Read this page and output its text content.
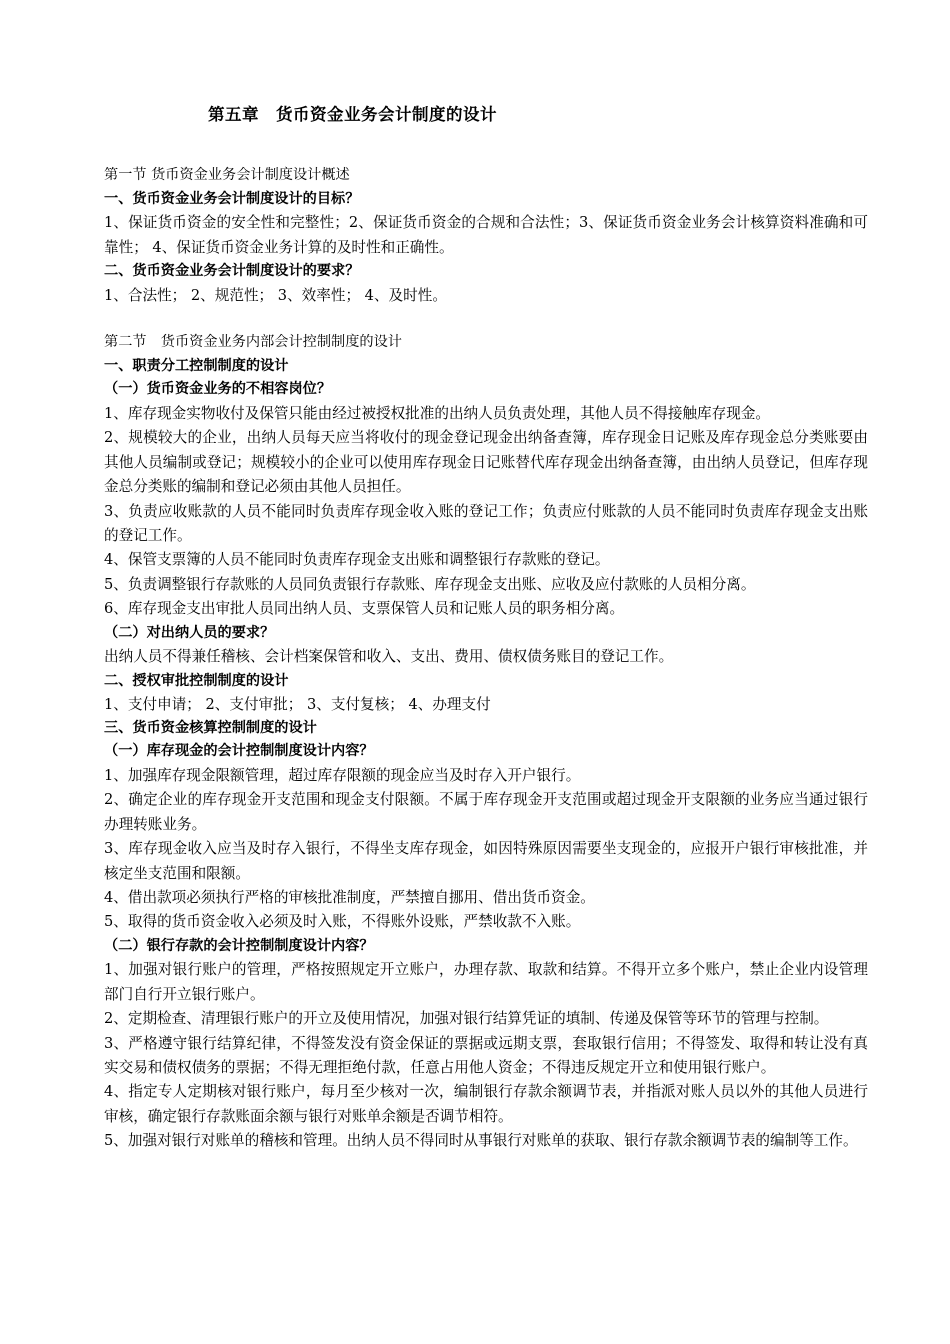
第五章　货币资金业务会计制度的设计

第一节 货币资金业务会计制度设计概述

一、货币资金业务会计制度设计的目标？

1、保证货币资金的安全性和完整性；2、保证货币资金的合规和合法性；3、保证货币资金业务会计核算资料准确和可靠性； 4、保证货币资金业务计算的及时性和正确性。

二、货币资金业务会计制度设计的要求？

1、合法性； 2、规范性； 3、效率性； 4、及时性。

第二节　货币资金业务内部会计控制制度的设计

一、职责分工控制制度的设计

（一）货币资金业务的不相容岗位？

1、库存现金实物收付及保管只能由经过被授权批准的出纳人员负责处理，其他人员不得接触库存现金。

2、规模较大的企业，出纳人员每天应当将收付的现金登记现金出纳备查簿，库存现金日记账及库存现金总分类账要由其他人员编制或登记；规模较小的企业可以使用库存现金日记账替代库存现金出纳备查簿，由出纳人员登记，但库存现金总分类账的编制和登记必须由其他人员担任。

3、负责应收账款的人员不能同时负责库存现金收入账的登记工作；负责应付账款的人员不能同时负责库存现金支出账的登记工作。

4、保管支票簿的人员不能同时负责库存现金支出账和调整银行存款账的登记。

5、负责调整银行存款账的人员同负责银行存款账、库存现金支出账、应收及应付款账的人员相分离。

6、库存现金支出审批人员同出纳人员、支票保管人员和记账人员的职务相分离。

（二）对出纳人员的要求？

出纳人员不得兼任稽核、会计档案保管和收入、支出、费用、债权债务账目的登记工作。

二、授权审批控制制度的设计

1、支付申请； 2、支付审批； 3、支付复核； 4、办理支付

三、货币资金核算控制制度的设计

（一）库存现金的会计控制制度设计内容？

1、加强库存现金限额管理，超过库存限额的现金应当及时存入开户银行。

2、确定企业的库存现金开支范围和现金支付限额。不属于库存现金开支范围或超过现金开支限额的业务应当通过银行办理转账业务。

3、库存现金收入应当及时存入银行，不得坐支库存现金，如因特殊原因需要坐支现金的，应报开户银行审核批准，并核定坐支范围和限额。

4、借出款项必须执行严格的审核批准制度，严禁擅自挪用、借出货币资金。

5、取得的货币资金收入必须及时入账，不得账外设账，严禁收款不入账。

（二）银行存款的会计控制制度设计内容？

1、加强对银行账户的管理，严格按照规定开立账户，办理存款、取款和结算。不得开立多个账户，禁止企业内设管理部门自行开立银行账户。

2、定期检查、清理银行账户的开立及使用情况，加强对银行结算凭证的填制、传递及保管等环节的管理与控制。

3、严格遵守银行结算纪律，不得签发没有资金保证的票据或远期支票，套取银行信用；不得签发、取得和转让没有真实交易和债权债务的票据；不得无理拒绝付款，任意占用他人资金；不得违反规定开立和使用银行账户。

4、指定专人定期核对银行账户，每月至少核对一次，编制银行存款余额调节表，并指派对账人员以外的其他人员进行审核，确定银行存款账面余额与银行对账单余额是否调节相符。

5、加强对银行对账单的稽核和管理。出纳人员不得同时从事银行对账单的获取、银行存款余额调节表的编制等工作。
